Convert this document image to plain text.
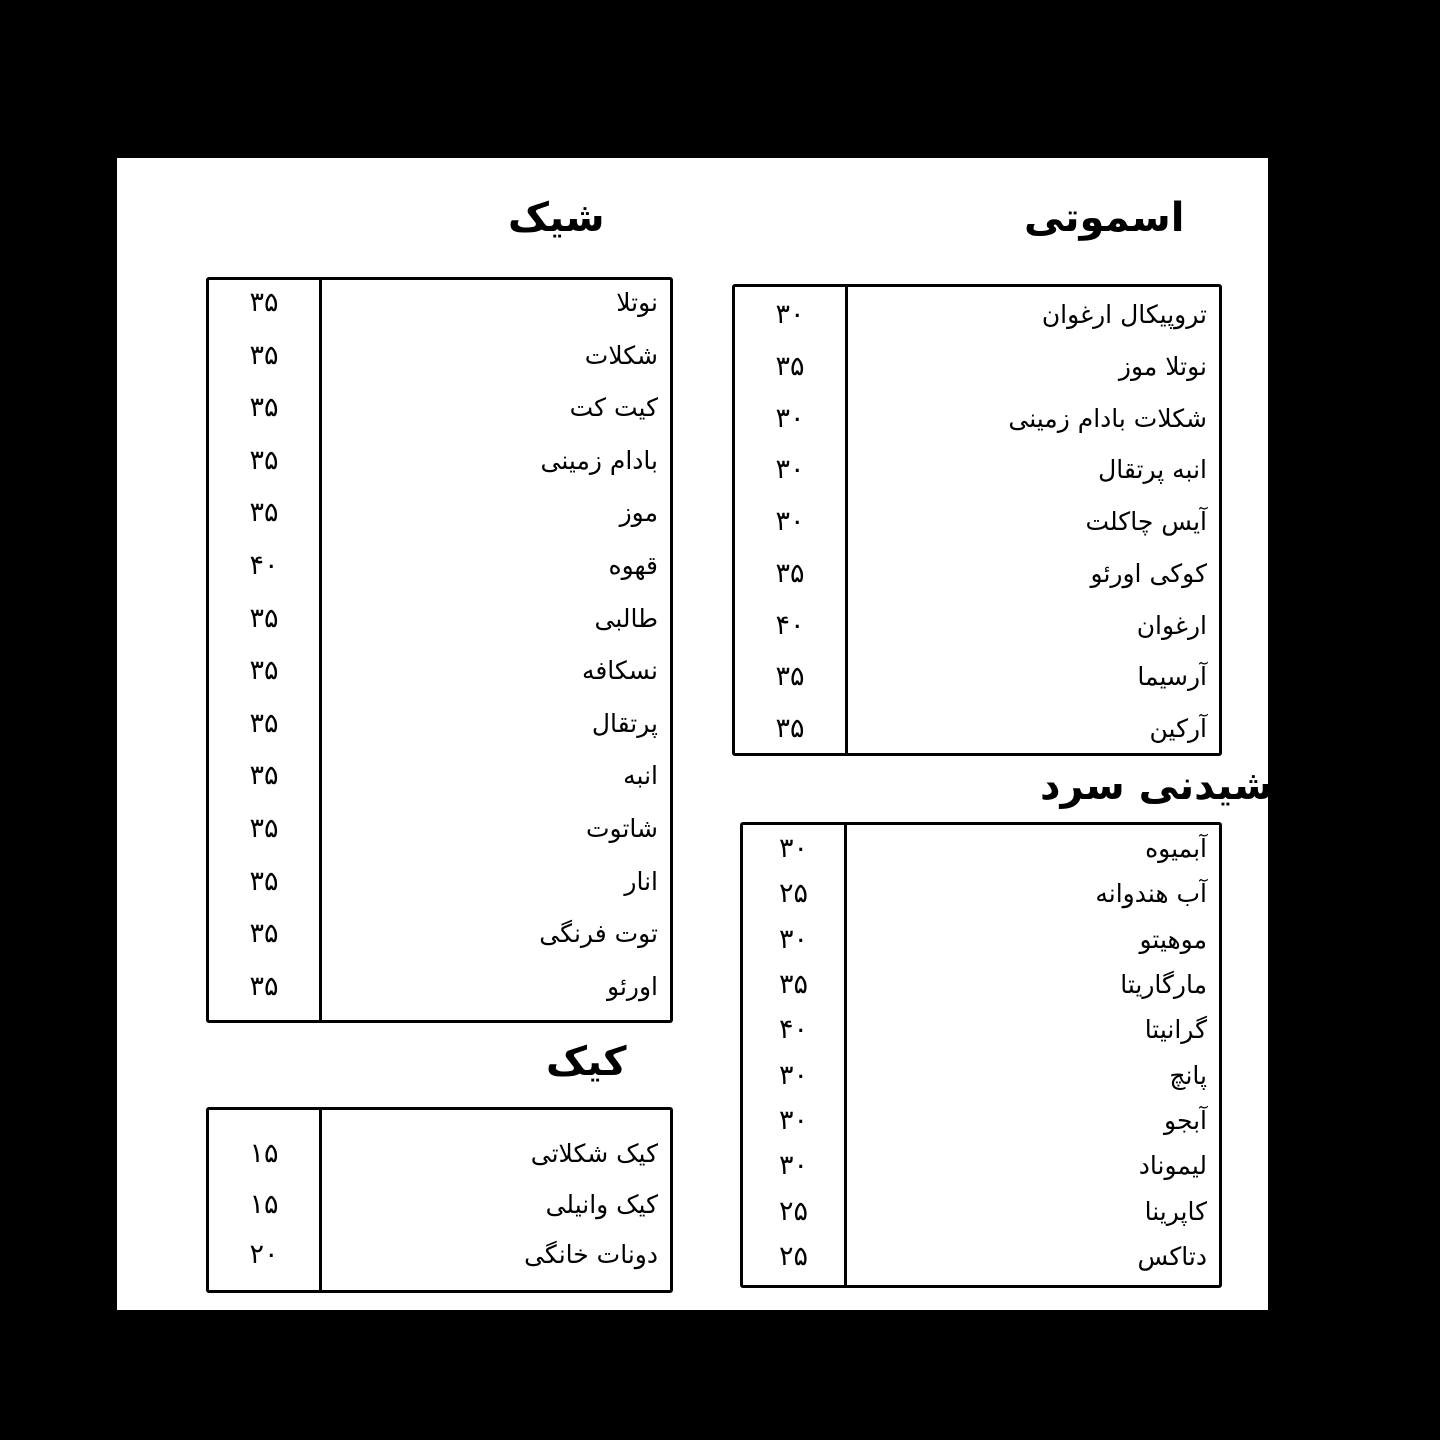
اسموتی
نوشیدنی سرد
شیک
کیک
تروپیکال ارغوان
۳۰
نوتلا موز
۳۵
شکلات بادام زمینی
۳۰
انبه پرتقال
۳۰
آیس چاکلت
۳۰
کوکی اورئو
۳۵
ارغوان
۴۰
آرسیما
۳۵
آرکین
۳۵
آبمیوه
۳۰
آب هندوانه
۲۵
موهیتو
۳۰
مارگاریتا
۳۵
گرانیتا
۴۰
پانچ
۳۰
آبجو
۳۰
لیموناد
۳۰
کاپرینا
۲۵
دتاکس
۲۵
نوتلا
۳۵
شکلات
۳۵
کیت کت
۳۵
بادام زمینی
۳۵
موز
۳۵
قهوه
۴۰
طالبی
۳۵
نسکافه
۳۵
پرتقال
۳۵
انبه
۳۵
شاتوت
۳۵
انار
۳۵
توت فرنگی
۳۵
اورئو
۳۵
کیک شکلاتی
۱۵
کیک وانیلی
۱۵
دونات خانگی
۲۰
